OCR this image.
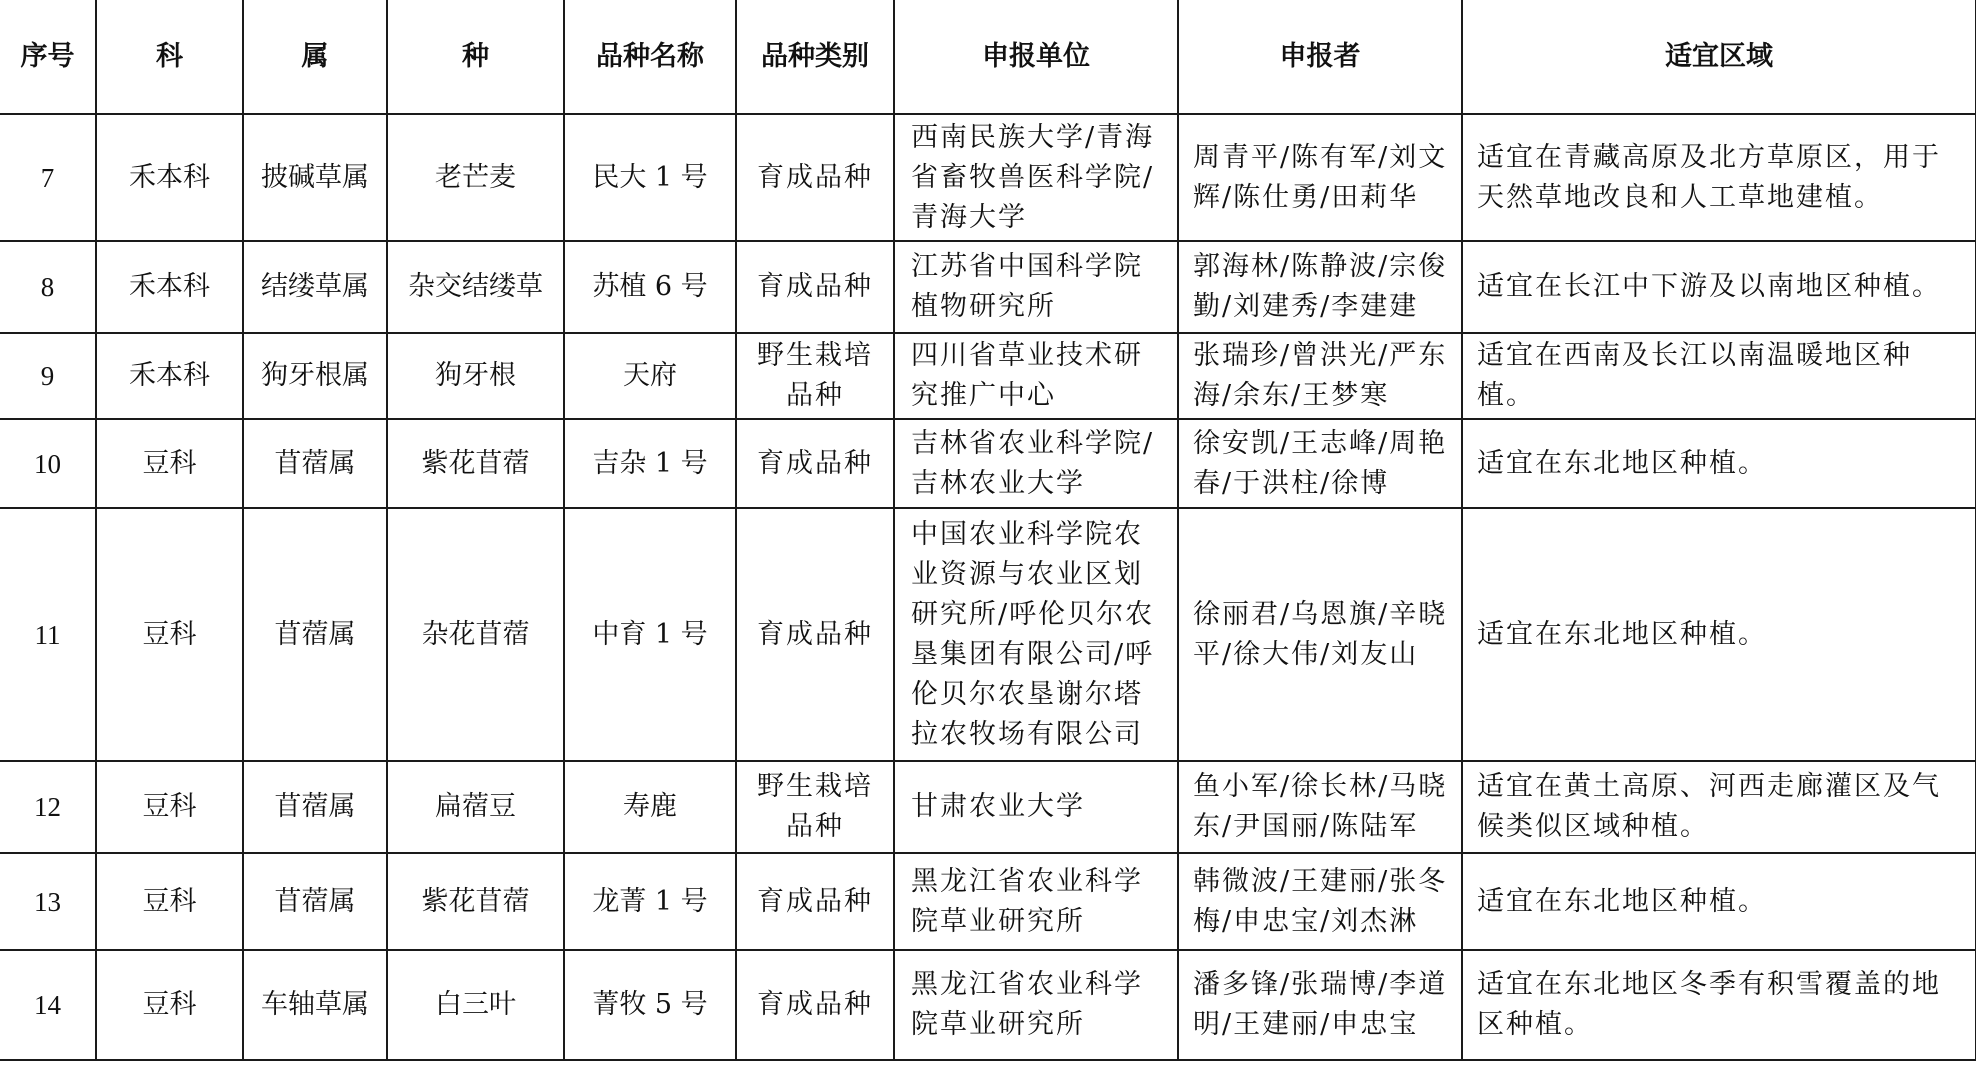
序号	科	属	种	品种名称	品种类别	申报单位	申报者	适宜区域
7	禾本科	披碱草属	老芒麦	民大 1 号	育成品种	西南民族大学/青海省畜牧兽医科学院/青海大学	周青平/陈有军/刘文辉/陈仕勇/田莉华	适宜在青藏高原及北方草原区，用于天然草地改良和人工草地建植。

8	禾本科	结缕草属	杂交结缕草	苏植 6 号	育成品种	江苏省中国科学院植物研究所	郭海林/陈静波/宗俊勤/刘建秀/李建建	适宜在长江中下游及以南地区种植。

9	禾本科	狗牙根属	狗牙根	天府	野生栽培品种	四川省草业技术研究推广中心	张瑞珍/曾洪光/严东海/余东/王梦寒	适宜在西南及长江以南温暖地区种植。

10	豆科	苜蓿属	紫花苜蓿	吉杂 1 号	育成品种	吉林省农业科学院/吉林农业大学	徐安凯/王志峰/周艳春/于洪柱/徐博	适宜在东北地区种植。

11	豆科	苜蓿属	杂花苜蓿	中育 1 号	育成品种	中国农业科学院农业资源与农业区划研究所/呼伦贝尔农垦集团有限公司/呼伦贝尔农垦谢尔塔拉农牧场有限公司	徐丽君/乌恩旗/辛晓平/徐大伟/刘友山	适宜在东北地区种植。

12	豆科	苜蓿属	扁蓿豆	寿鹿	野生栽培品种	甘肃农业大学	鱼小军/徐长林/马晓东/尹国丽/陈陆军	适宜在黄土高原、河西走廊灌区及气候类似区域种植。

13	豆科	苜蓿属	紫花苜蓿	龙菁 1 号	育成品种	黑龙江省农业科学院草业研究所	韩微波/王建丽/张冬梅/申忠宝/刘杰淋	适宜在东北地区种植。

14	豆科	车轴草属	白三叶	菁牧 5 号	育成品种	黑龙江省农业科学院草业研究所	潘多锋/张瑞博/李道明/王建丽/申忠宝	适宜在东北地区冬季有积雪覆盖的地区种植。
